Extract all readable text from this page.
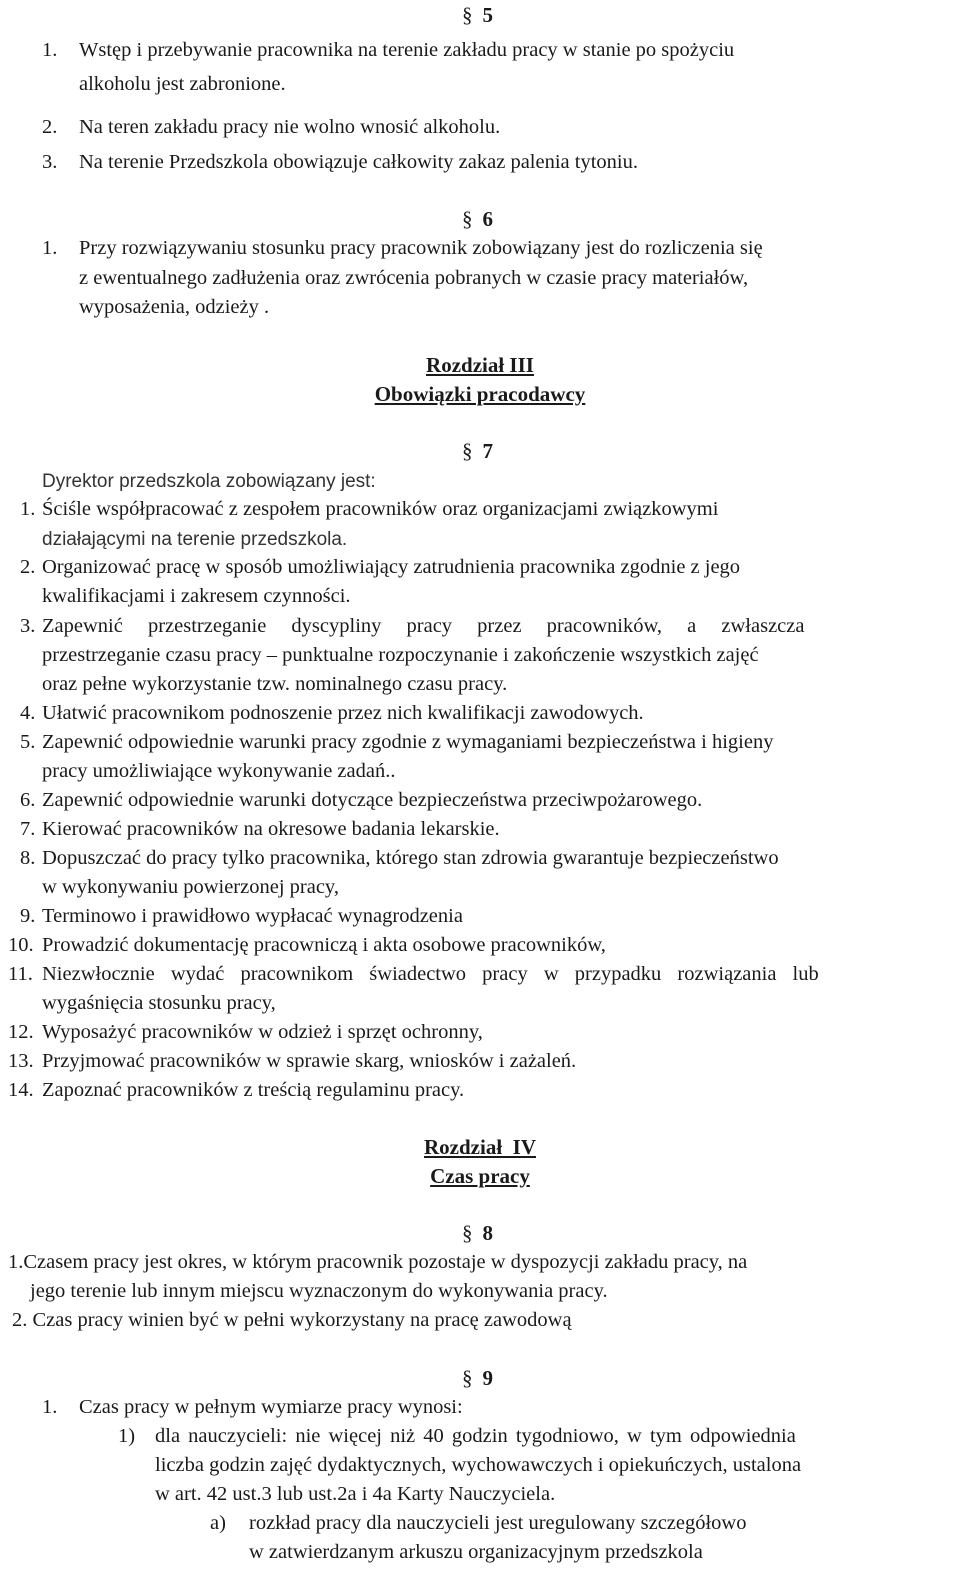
§ 5
1. Wstęp i przebywanie pracownika na terenie zakładu pracy w stanie po spożyciu
alkoholu jest zabronione.
2. Na teren zakładu pracy nie wolno wnosić alkoholu.
3. Na terenie Przedszkola obowiązuje całkowity zakaz palenia tytoniu.
§ 6
1. Przy rozwiązywaniu stosunku pracy pracownik zobowiązany jest do rozliczenia się
z ewentualnego zadłużenia oraz zwrócenia pobranych w czasie pracy materiałów,
wyposażenia, odzieży .
Rozdział III
Obowiązki pracodawcy
§ 7
Dyrektor przedszkola zobowiązany jest:
1. Ściśle współpracować z zespołem pracowników oraz organizacjami związkowymi
działającymi na terenie przedszkola.
2. Organizować pracę w sposób umożliwiający zatrudnienia pracownika zgodnie z jego
kwalifikacjami i zakresem czynności.
3. Zapewnić przestrzeganie dyscypliny pracy przez pracowników, a zwłaszcza
przestrzeganie czasu pracy – punktualne rozpoczynanie i zakończenie wszystkich zajęć
oraz pełne wykorzystanie tzw. nominalnego czasu pracy.
4. Ułatwić pracownikom podnoszenie przez nich kwalifikacji zawodowych.
5. Zapewnić odpowiednie warunki pracy zgodnie z wymaganiami bezpieczeństwa i higieny
pracy umożliwiające wykonywanie zadań..
6. Zapewnić odpowiednie warunki dotyczące bezpieczeństwa przeciwpożarowego.
7. Kierować pracowników na okresowe badania lekarskie.
8. Dopuszczać do pracy tylko pracownika, którego stan zdrowia gwarantuje bezpieczeństwo
w wykonywaniu powierzonej pracy,
9. Terminowo i prawidłowo wypłacać wynagrodzenia
10. Prowadzić dokumentację pracowniczą i akta osobowe pracowników,
11. Niezwłocznie wydać pracownikom świadectwo pracy w przypadku rozwiązania lub
wygaśnięcia stosunku pracy,
12. Wyposażyć pracowników w odzież i sprzęt ochronny,
13. Przyjmować pracowników w sprawie skarg, wniosków i zażaleń.
14. Zapoznać pracowników z treścią regulaminu pracy.
Rozdział  IV
Czas pracy
§ 8
1.Czasem pracy jest okres, w którym pracownik pozostaje w dyspozycji zakładu pracy, na
jego terenie lub innym miejscu wyznaczonym do wykonywania pracy.
2. Czas pracy winien być w pełni wykorzystany na pracę zawodową
§ 9
1. Czas pracy w pełnym wymiarze pracy wynosi:
1) dla nauczycieli: nie więcej niż 40 godzin tygodniowo, w tym odpowiednia
liczba godzin zajęć dydaktycznych, wychowawczych i opiekuńczych, ustalona
w art. 42 ust.3 lub ust.2a i 4a Karty Nauczyciela.
a) rozkład pracy dla nauczycieli jest uregulowany szczegółowo
w zatwierdzanym arkuszu organizacyjnym przedszkola
